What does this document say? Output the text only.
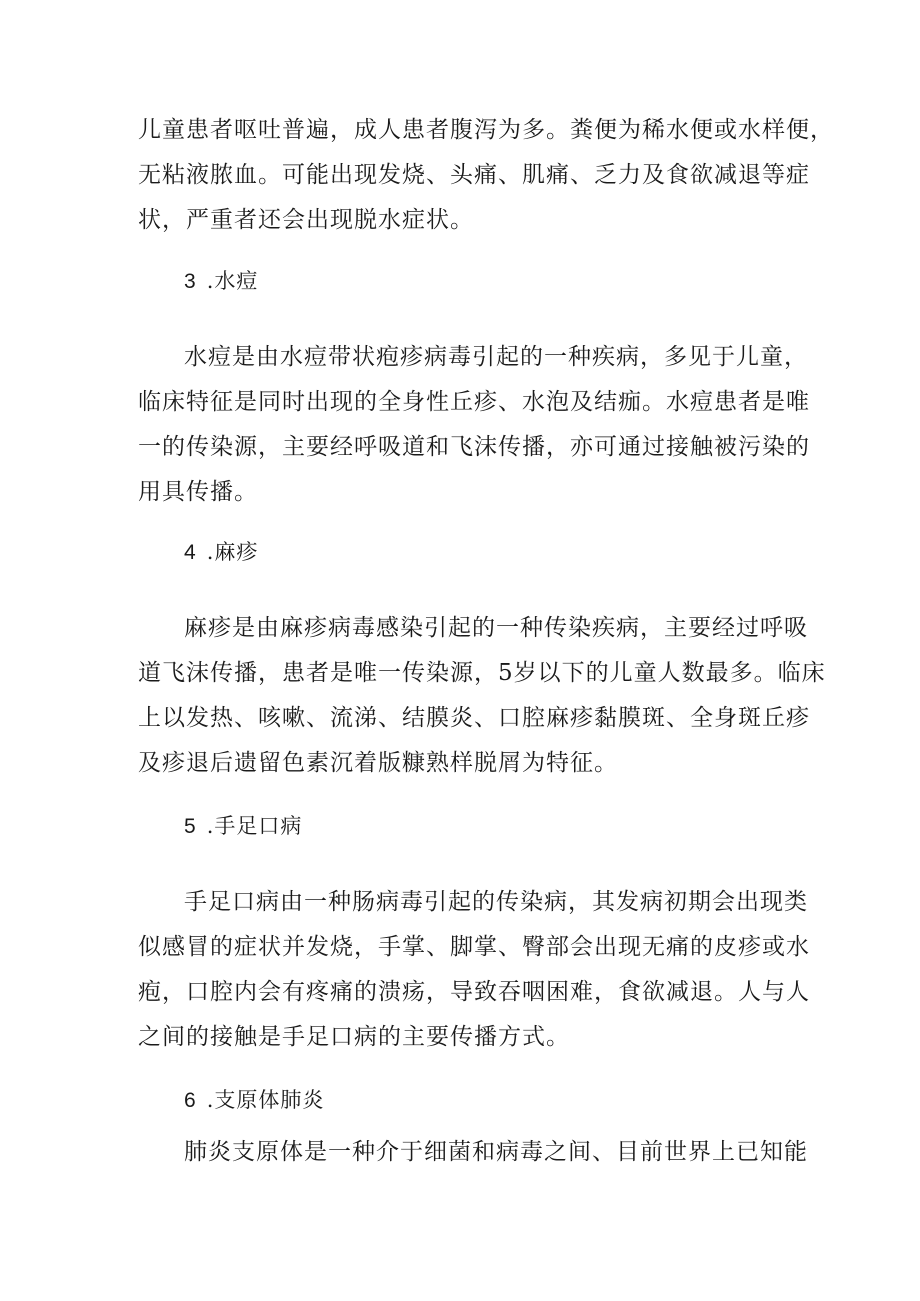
儿童患者呕吐普遍，成人患者腹泻为多。粪便为稀水便或水样便，
无粘液脓血。可能出现发烧、头痛、肌痛、乏力及食欲减退等症
状，严重者还会出现脱水症状。
3 .水痘
水痘是由水痘带状疱疹病毒引起的一种疾病，多见于儿童，
临床特征是同时出现的全身性丘疹、水泡及结痂。水痘患者是唯
一的传染源，主要经呼吸道和飞沫传播，亦可通过接触被污染的
用具传播。
4 .麻疹
麻疹是由麻疹病毒感染引起的一种传染疾病，主要经过呼吸
道飞沫传播，患者是唯一传染源，5岁以下的儿童人数最多。临床
上以发热、咳嗽、流涕、结膜炎、口腔麻疹黏膜斑、全身斑丘疹
及疹退后遗留色素沉着版糠熟样脱屑为特征。
5 .手足口病
手足口病由一种肠病毒引起的传染病，其发病初期会出现类
似感冒的症状并发烧，手掌、脚掌、臀部会出现无痛的皮疹或水
疱，口腔内会有疼痛的溃疡，导致吞咽困难，食欲减退。人与人
之间的接触是手足口病的主要传播方式。
6 .支原体肺炎
肺炎支原体是一种介于细菌和病毒之间、目前世界上已知能
